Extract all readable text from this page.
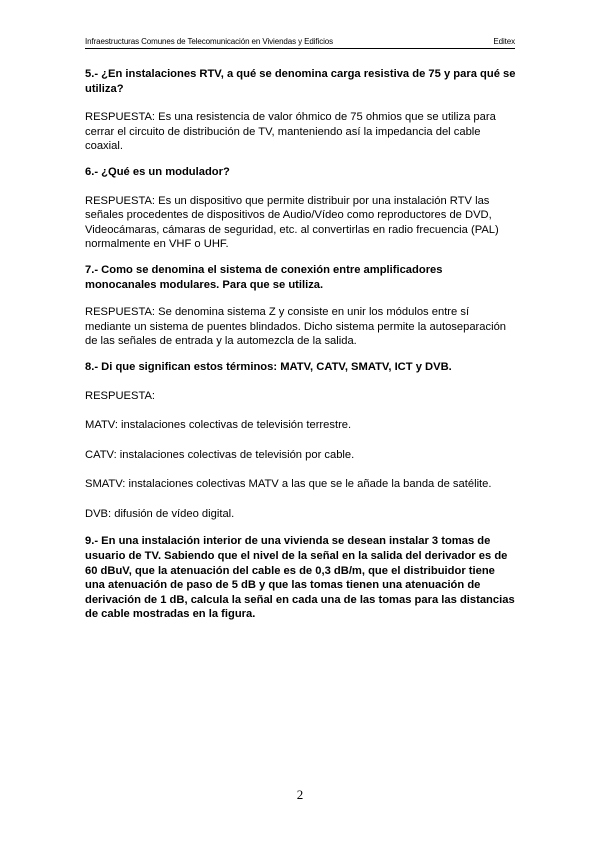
Infraestructuras Comunes de Telecomunicación en Viviendas y Edificios	Editex

5.- ¿En instalaciones RTV, a qué se denomina carga resistiva de 75 y para qué se utiliza?

RESPUESTA: Es una resistencia de valor óhmico de 75 ohmios que se utiliza para cerrar el circuito de distribución de TV, manteniendo así la impedancia del cable coaxial.

6.- ¿Qué es un modulador?

RESPUESTA: Es un dispositivo que permite distribuir por una instalación RTV las señales procedentes de dispositivos de Audio/Vídeo como reproductores de DVD, Videocámaras, cámaras de seguridad, etc. al convertirlas en radio frecuencia (PAL) normalmente en VHF o UHF.

7.- Como se denomina el sistema de conexión entre amplificadores monocanales modulares. Para que se utiliza.

RESPUESTA: Se denomina sistema Z y consiste en unir los módulos entre sí mediante un sistema de puentes blindados. Dicho sistema permite la autoseparación de las señales de entrada y la automezcla de la salida.

8.- Di que significan estos términos: MATV, CATV, SMATV, ICT y DVB.

RESPUESTA:

MATV: instalaciones colectivas de televisión terrestre.

CATV: instalaciones colectivas de televisión por cable.

SMATV: instalaciones colectivas MATV a las que se le añade la banda de satélite.

DVB: difusión de vídeo digital.

9.- En una instalación interior de una vivienda se desean instalar 3 tomas de usuario de TV. Sabiendo que el nivel de la señal en la salida del derivador es de 60 dBuV, que la atenuación del cable es de 0,3 dB/m, que el distribuidor tiene una atenuación de paso de 5 dB y que las tomas tienen una atenuación de derivación de 1 dB, calcula la señal en cada una de las tomas para las distancias de cable mostradas en la figura.

2
